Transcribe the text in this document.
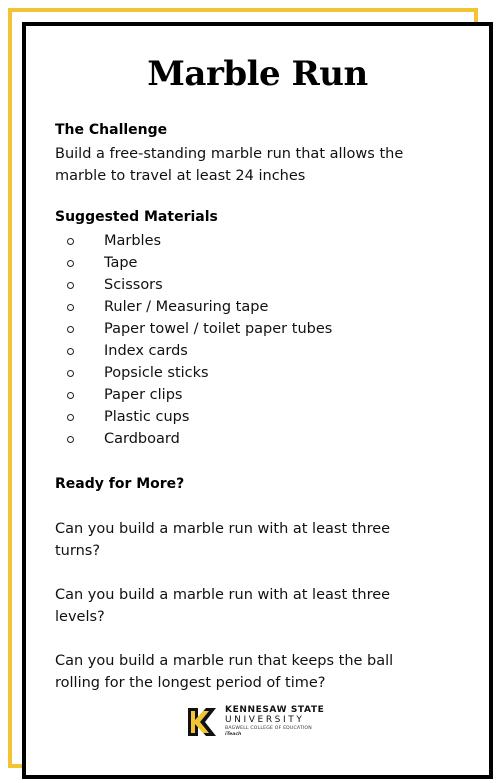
Marble Run
The Challenge
Build a free-standing marble run that allows the
marble to travel at least 24 inches
Suggested Materials
Marbles
Tape
Scissors
Ruler / Measuring tape
Paper towel / toilet paper tubes
Index cards
Popsicle sticks
Paper clips
Plastic cups
Cardboard
Ready for More?
Can you build a marble run with at least three
turns?
Can you build a marble run with at least three
levels?
Can you build a marble run that keeps the ball
rolling for the longest period of time?
KENNESAW STATE
UNIVERSITY
BAGWELL COLLEGE OF EDUCATION
iTeach
